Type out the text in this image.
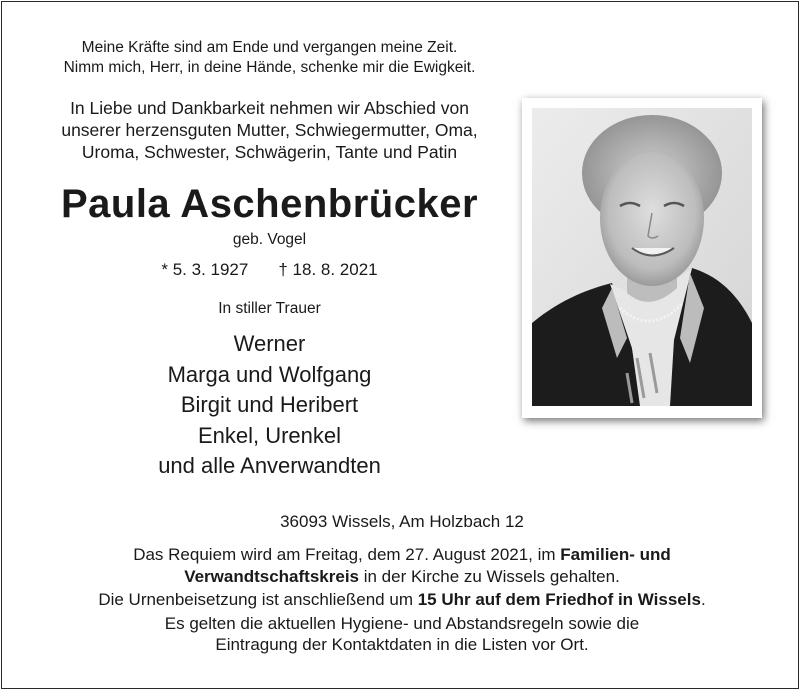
Meine Kräfte sind am Ende und vergangen meine Zeit.
Nimm mich, Herr, in deine Hände, schenke mir die Ewigkeit.
In Liebe und Dankbarkeit nehmen wir Abschied von
unserer herzensguten Mutter, Schwiegermutter, Oma,
Uroma, Schwester, Schwägerin, Tante und Patin
Paula Aschenbrücker
geb. Vogel
* 5. 3. 1927 † 18. 8. 2021
In stiller Trauer
Werner
Marga und Wolfgang
Birgit und Heribert
Enkel, Urenkel
und alle Anverwandten
36093 Wissels, Am Holzbach 12
Das Requiem wird am Freitag, dem 27. August 2021, im Familien- und
Verwandtschaftskreis in der Kirche zu Wissels gehalten.
Die Urnenbeisetzung ist anschließend um 15 Uhr auf dem Friedhof in Wissels.
Es gelten die aktuellen Hygiene- und Abstandsregeln sowie die
Eintragung der Kontaktdaten in die Listen vor Ort.
